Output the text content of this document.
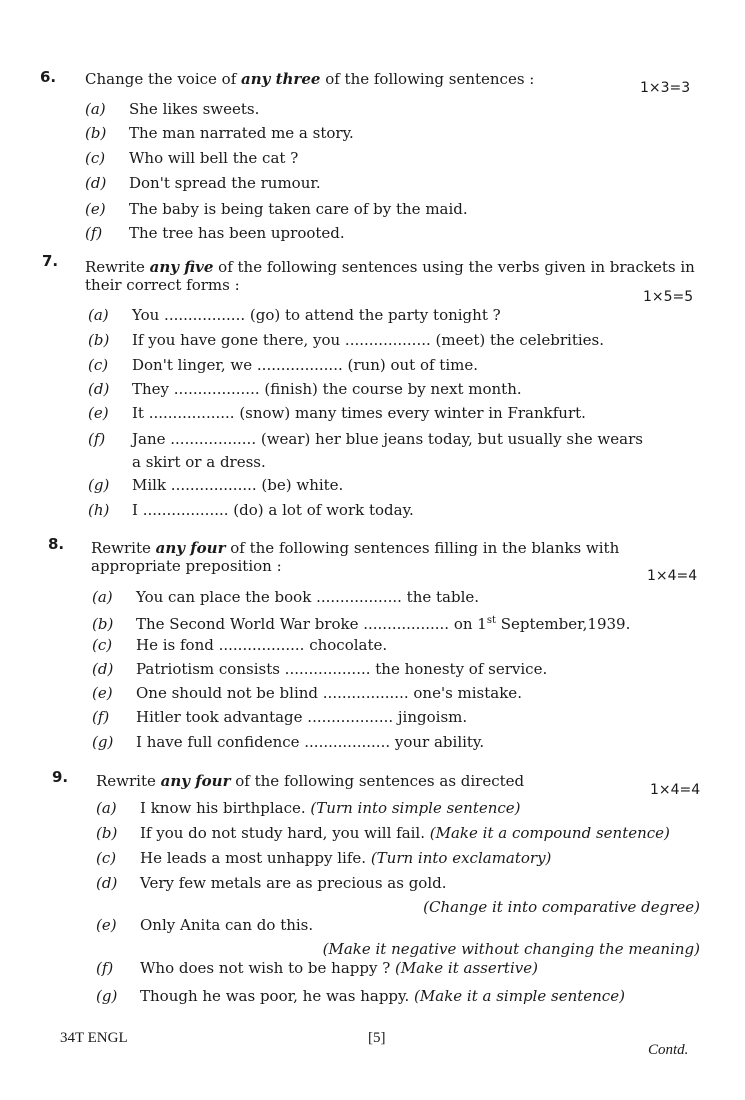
6. Change the voice of any three of the following sentences :	1×3=3
(a) She likes sweets.
(b) The man narrated me a story.
(c) Who will bell the cat ?
(d) Don't spread the rumour.
(e) The baby is being taken care of by the maid.
(f) The tree has been uprooted.
7. Rewrite any five of the following sentences using the verbs given in brackets in their correct forms :
1×5=5
(a) You ................. (go) to attend the party tonight ?
(b) If you have gone there, you .................. (meet) the celebrities.
(c) Don't linger, we .................. (run) out of time.
(d) They .................. (finish) the course by next month.
(e) It .................. (snow) many times every winter in Frankfurt.
(f) Jane .................. (wear) her blue jeans today, but usually she wears
a skirt or a dress.
(g) Milk .................. (be) white.
(h) I .................. (do) a lot of work today.
8. Rewrite any four of the following sentences filling in the blanks with appropriate preposition :
1×4=4
(a) You can place the book .................. the table.
(b) The Second World War broke .................. on 1st September,1939.
(c) He is fond .................. chocolate.
(d) Patriotism consists .................. the honesty of service.
(e) One should not be blind .................. one's mistake.
(f) Hitler took advantage .................. jingoism.
(g) I have full confidence .................. your ability.
9. Rewrite any four of the following sentences as directed	1×4=4
(a) I know his birthplace. (Turn into simple sentence)
(b) If you do not study hard, you will fail. (Make it a compound sentence)
(c) He leads a most unhappy life. (Turn into exclamatory)
(d) Very few metals are as precious as gold.
(Change it into comparative degree)
(e) Only Anita can do this.
(Make it negative without changing the meaning)
(f) Who does not wish to be happy ? (Make it assertive)
(g) Though he was poor, he was happy. (Make it a simple sentence)
34T ENGL	[5]
Contd.
